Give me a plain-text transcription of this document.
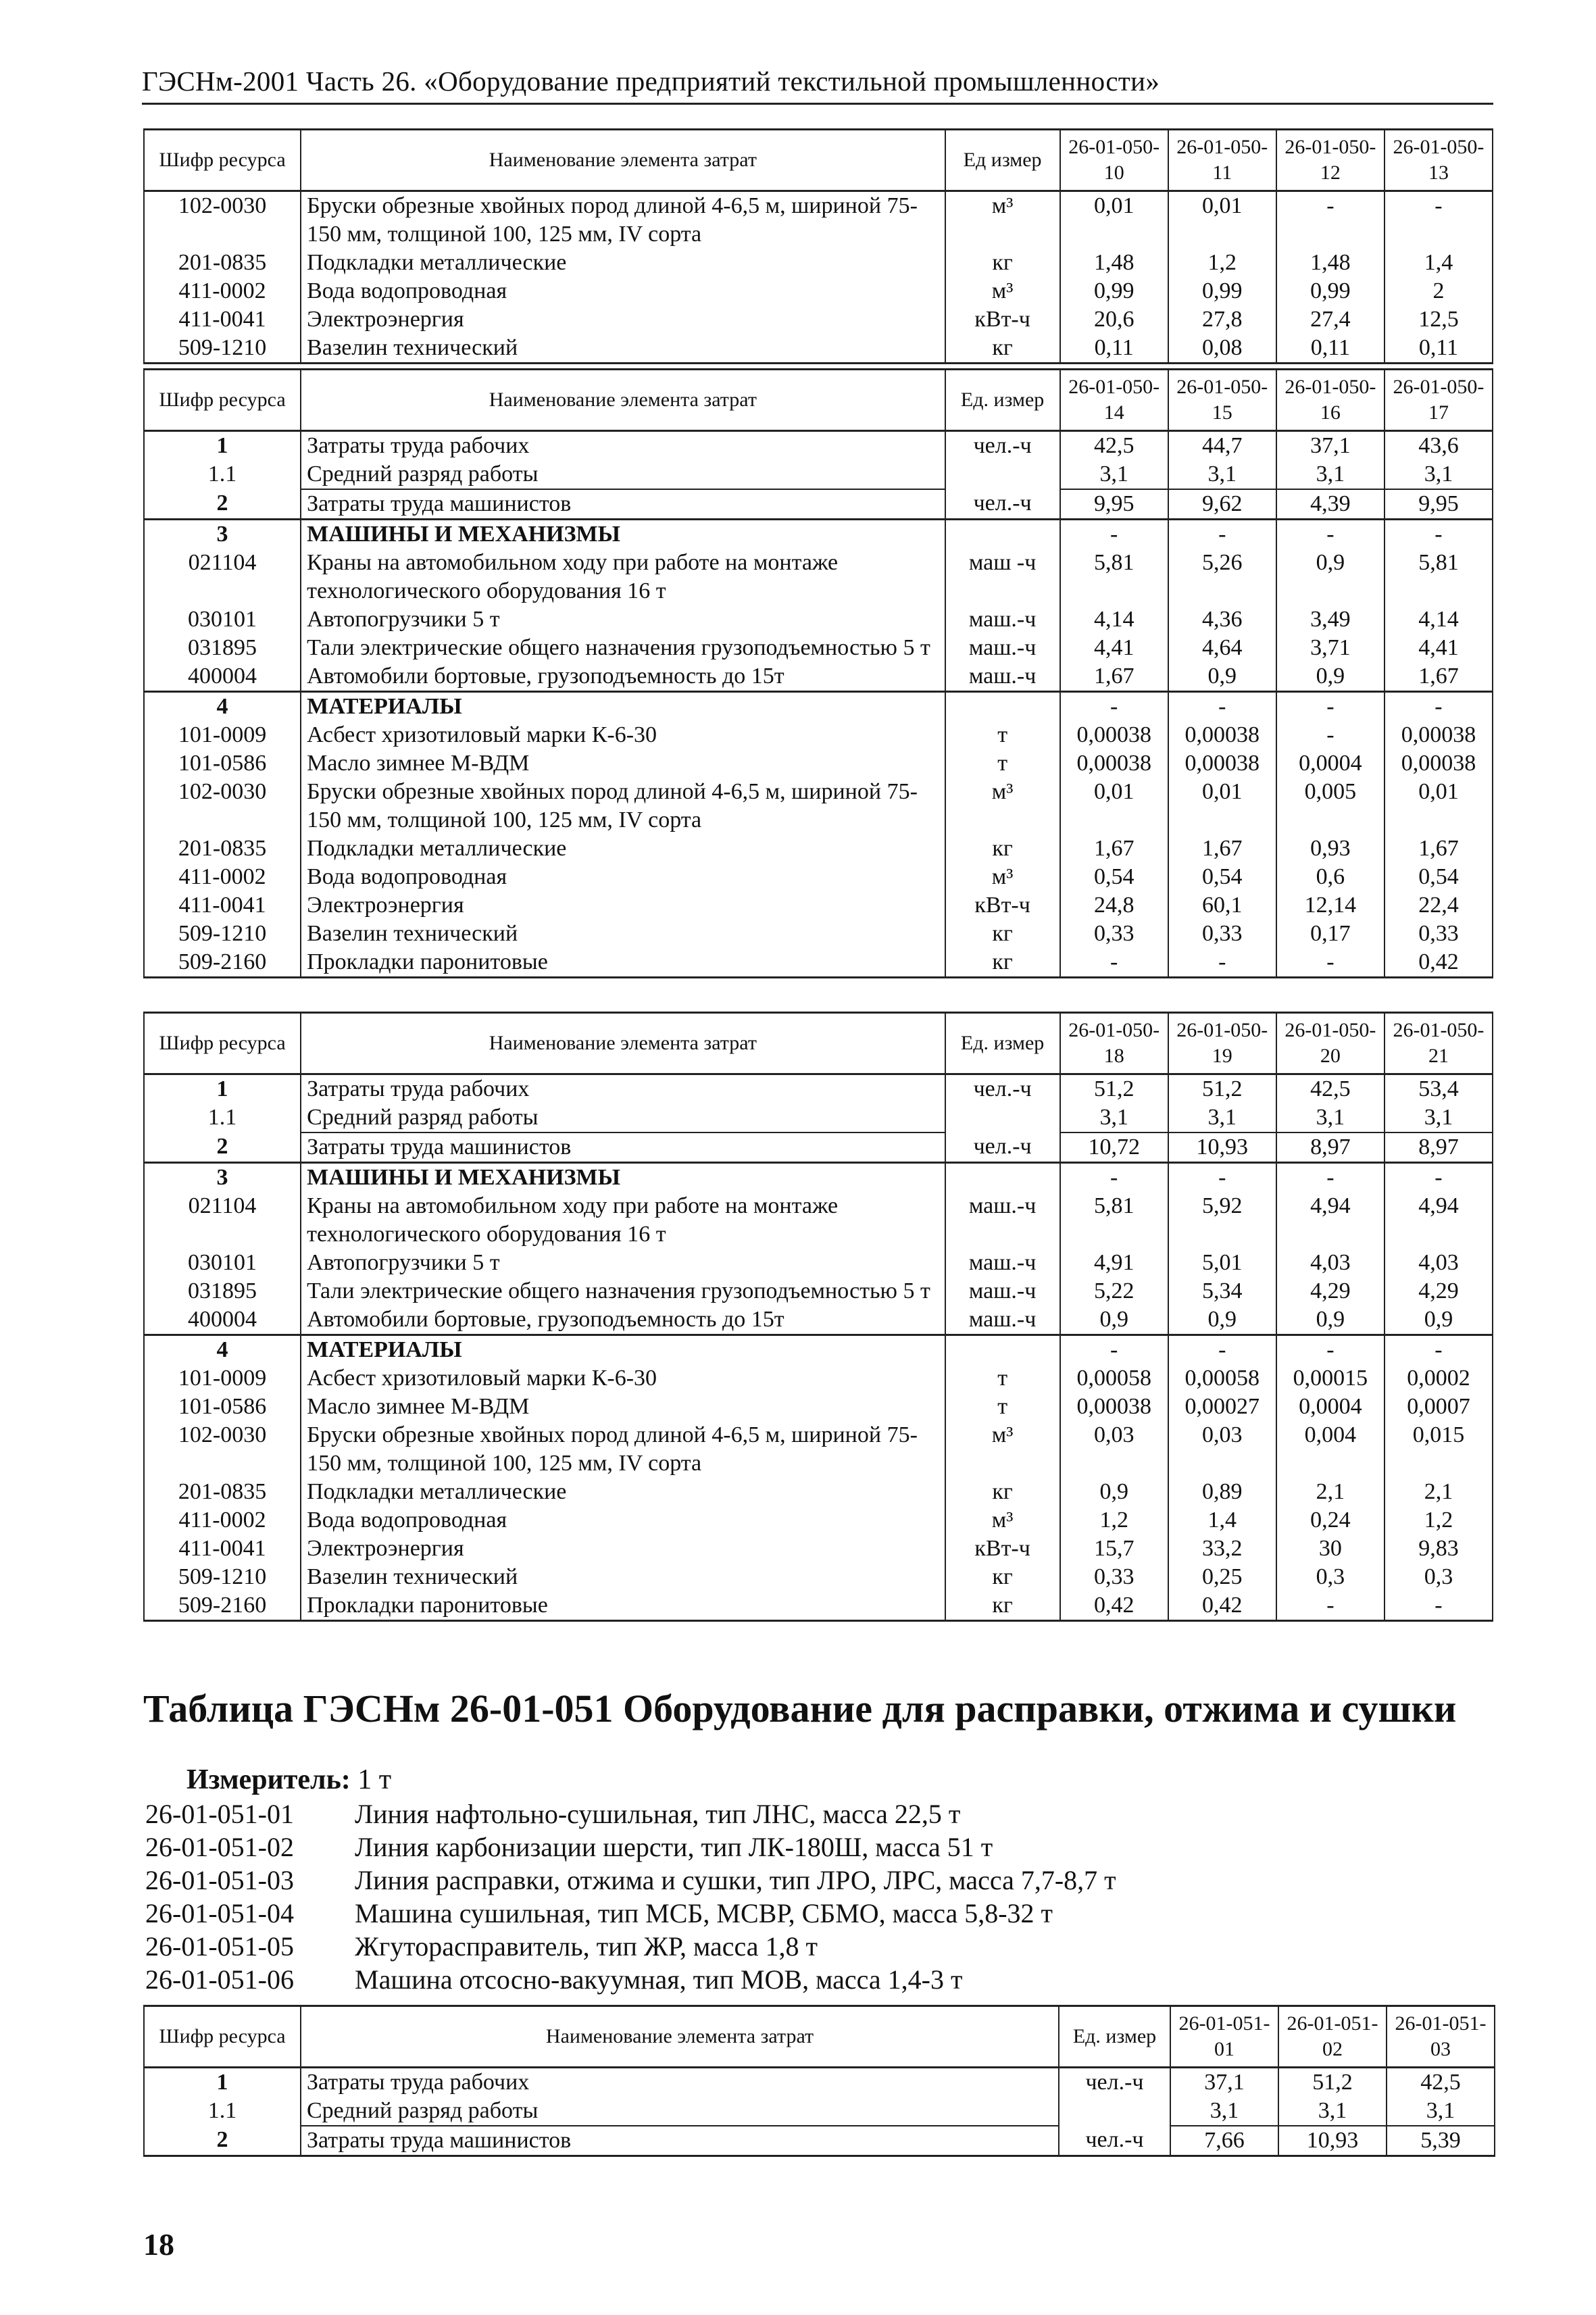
ГЭСНм-2001 Часть 26. «Оборудование предприятий текстильной промышленности»
Шифр ресурса	Наименование элемента затрат	Ед измер	26-01-050-10	26-01-050-11	26-01-050-12	26-01-050-13
102-0030	Бруски обрезные хвойных пород длиной 4-6,5 м, шириной 75-150 мм, толщиной 100, 125 мм, IV сорта	м³	0,01	0,01	-	-
201-0835	Подкладки металлические	кг	1,48	1,2	1,48	1,4
411-0002	Вода водопроводная	м³	0,99	0,99	0,99	2
411-0041	Электроэнергия	кВт-ч	20,6	27,8	27,4	12,5
509-1210	Вазелин технический	кг	0,11	0,08	0,11	0,11
Шифр ресурса	Наименование элемента затрат	Ед. измер	26-01-050-14	26-01-050-15	26-01-050-16	26-01-050-17
1	Затраты труда рабочих	чел.-ч	42,5	44,7	37,1	43,6
1.1	Средний разряд работы		3,1	3,1	3,1	3,1
2	Затраты труда машинистов	чел.-ч	9,95	9,62	4,39	9,95
3	МАШИНЫ И МЕХАНИЗМЫ		-	-	-	-
021104	Краны на автомобильном ходу при работе на монтаже технологического оборудования 16 т	маш -ч	5,81	5,26	0,9	5,81
030101	Автопогрузчики 5 т	маш.-ч	4,14	4,36	3,49	4,14
031895	Тали электрические общего назначения грузоподъемностью 5 т	маш.-ч	4,41	4,64	3,71	4,41
400004	Автомобили бортовые, грузоподъемность до 15т	маш.-ч	1,67	0,9	0,9	1,67
4	МАТЕРИАЛЫ		-	-	-	-
101-0009	Асбест хризотиловый марки К-6-30	т	0,00038	0,00038	-	0,00038
101-0586	Масло зимнее М-ВДМ	т	0,00038	0,00038	0,0004	0,00038
102-0030	Бруски обрезные хвойных пород длиной 4-6,5 м, шириной 75-150 мм, толщиной 100, 125 мм, IV сорта	м³	0,01	0,01	0,005	0,01
201-0835	Подкладки металлические	кг	1,67	1,67	0,93	1,67
411-0002	Вода водопроводная	м³	0,54	0,54	0,6	0,54
411-0041	Электроэнергия	кВт-ч	24,8	60,1	12,14	22,4
509-1210	Вазелин технический	кг	0,33	0,33	0,17	0,33
509-2160	Прокладки паронитовые	кг	-	-	-	0,42
Шифр ресурса	Наименование элемента затрат	Ед. измер	26-01-050-18	26-01-050-19	26-01-050-20	26-01-050-21
1	Затраты труда рабочих	чел.-ч	51,2	51,2	42,5	53,4
1.1	Средний разряд работы		3,1	3,1	3,1	3,1
2	Затраты труда машинистов	чел.-ч	10,72	10,93	8,97	8,97
3	МАШИНЫ И МЕХАНИЗМЫ		-	-	-	-
021104	Краны на автомобильном ходу при работе на монтаже технологического оборудования 16 т	маш.-ч	5,81	5,92	4,94	4,94
030101	Автопогрузчики 5 т	маш.-ч	4,91	5,01	4,03	4,03
031895	Тали электрические общего назначения грузоподъемностью 5 т	маш.-ч	5,22	5,34	4,29	4,29
400004	Автомобили бортовые, грузоподъемность до 15т	маш.-ч	0,9	0,9	0,9	0,9
4	МАТЕРИАЛЫ		-	-	-	-
101-0009	Асбест хризотиловый марки К-6-30	т	0,00058	0,00058	0,00015	0,0002
101-0586	Масло зимнее М-ВДМ	т	0,00038	0,00027	0,0004	0,0007
102-0030	Бруски обрезные хвойных пород длиной 4-6,5 м, шириной 75-150 мм, толщиной 100, 125 мм, IV сорта	м³	0,03	0,03	0,004	0,015
201-0835	Подкладки металлические	кг	0,9	0,89	2,1	2,1
411-0002	Вода водопроводная	м³	1,2	1,4	0,24	1,2
411-0041	Электроэнергия	кВт-ч	15,7	33,2	30	9,83
509-1210	Вазелин технический	кг	0,33	0,25	0,3	0,3
509-2160	Прокладки паронитовые	кг	0,42	0,42	-	-
Таблица ГЭСНм 26-01-051 Оборудование для расправки, отжима и сушки
Измеритель: 1 т
26-01-051-01	Линия нафтольно-сушильная, тип ЛНС, масса 22,5 т
26-01-051-02	Линия карбонизации шерсти, тип ЛК-180Ш, масса 51 т
26-01-051-03	Линия расправки, отжима и сушки, тип ЛРО, ЛРС, масса 7,7-8,7 т
26-01-051-04	Машина сушильная, тип МСБ, МСВР, СБМО, масса 5,8-32 т
26-01-051-05	Жгуторасправитель, тип ЖР, масса 1,8 т
26-01-051-06	Машина отсосно-вакуумная, тип МОВ, масса 1,4-3 т
Шифр ресурса	Наименование элемента затрат	Ед. измер	26-01-051-01	26-01-051-02	26-01-051-03
1	Затраты труда рабочих	чел.-ч	37,1	51,2	42,5
1.1	Средний разряд работы		3,1	3,1	3,1
2	Затраты труда машинистов	чел.-ч	7,66	10,93	5,39
18
